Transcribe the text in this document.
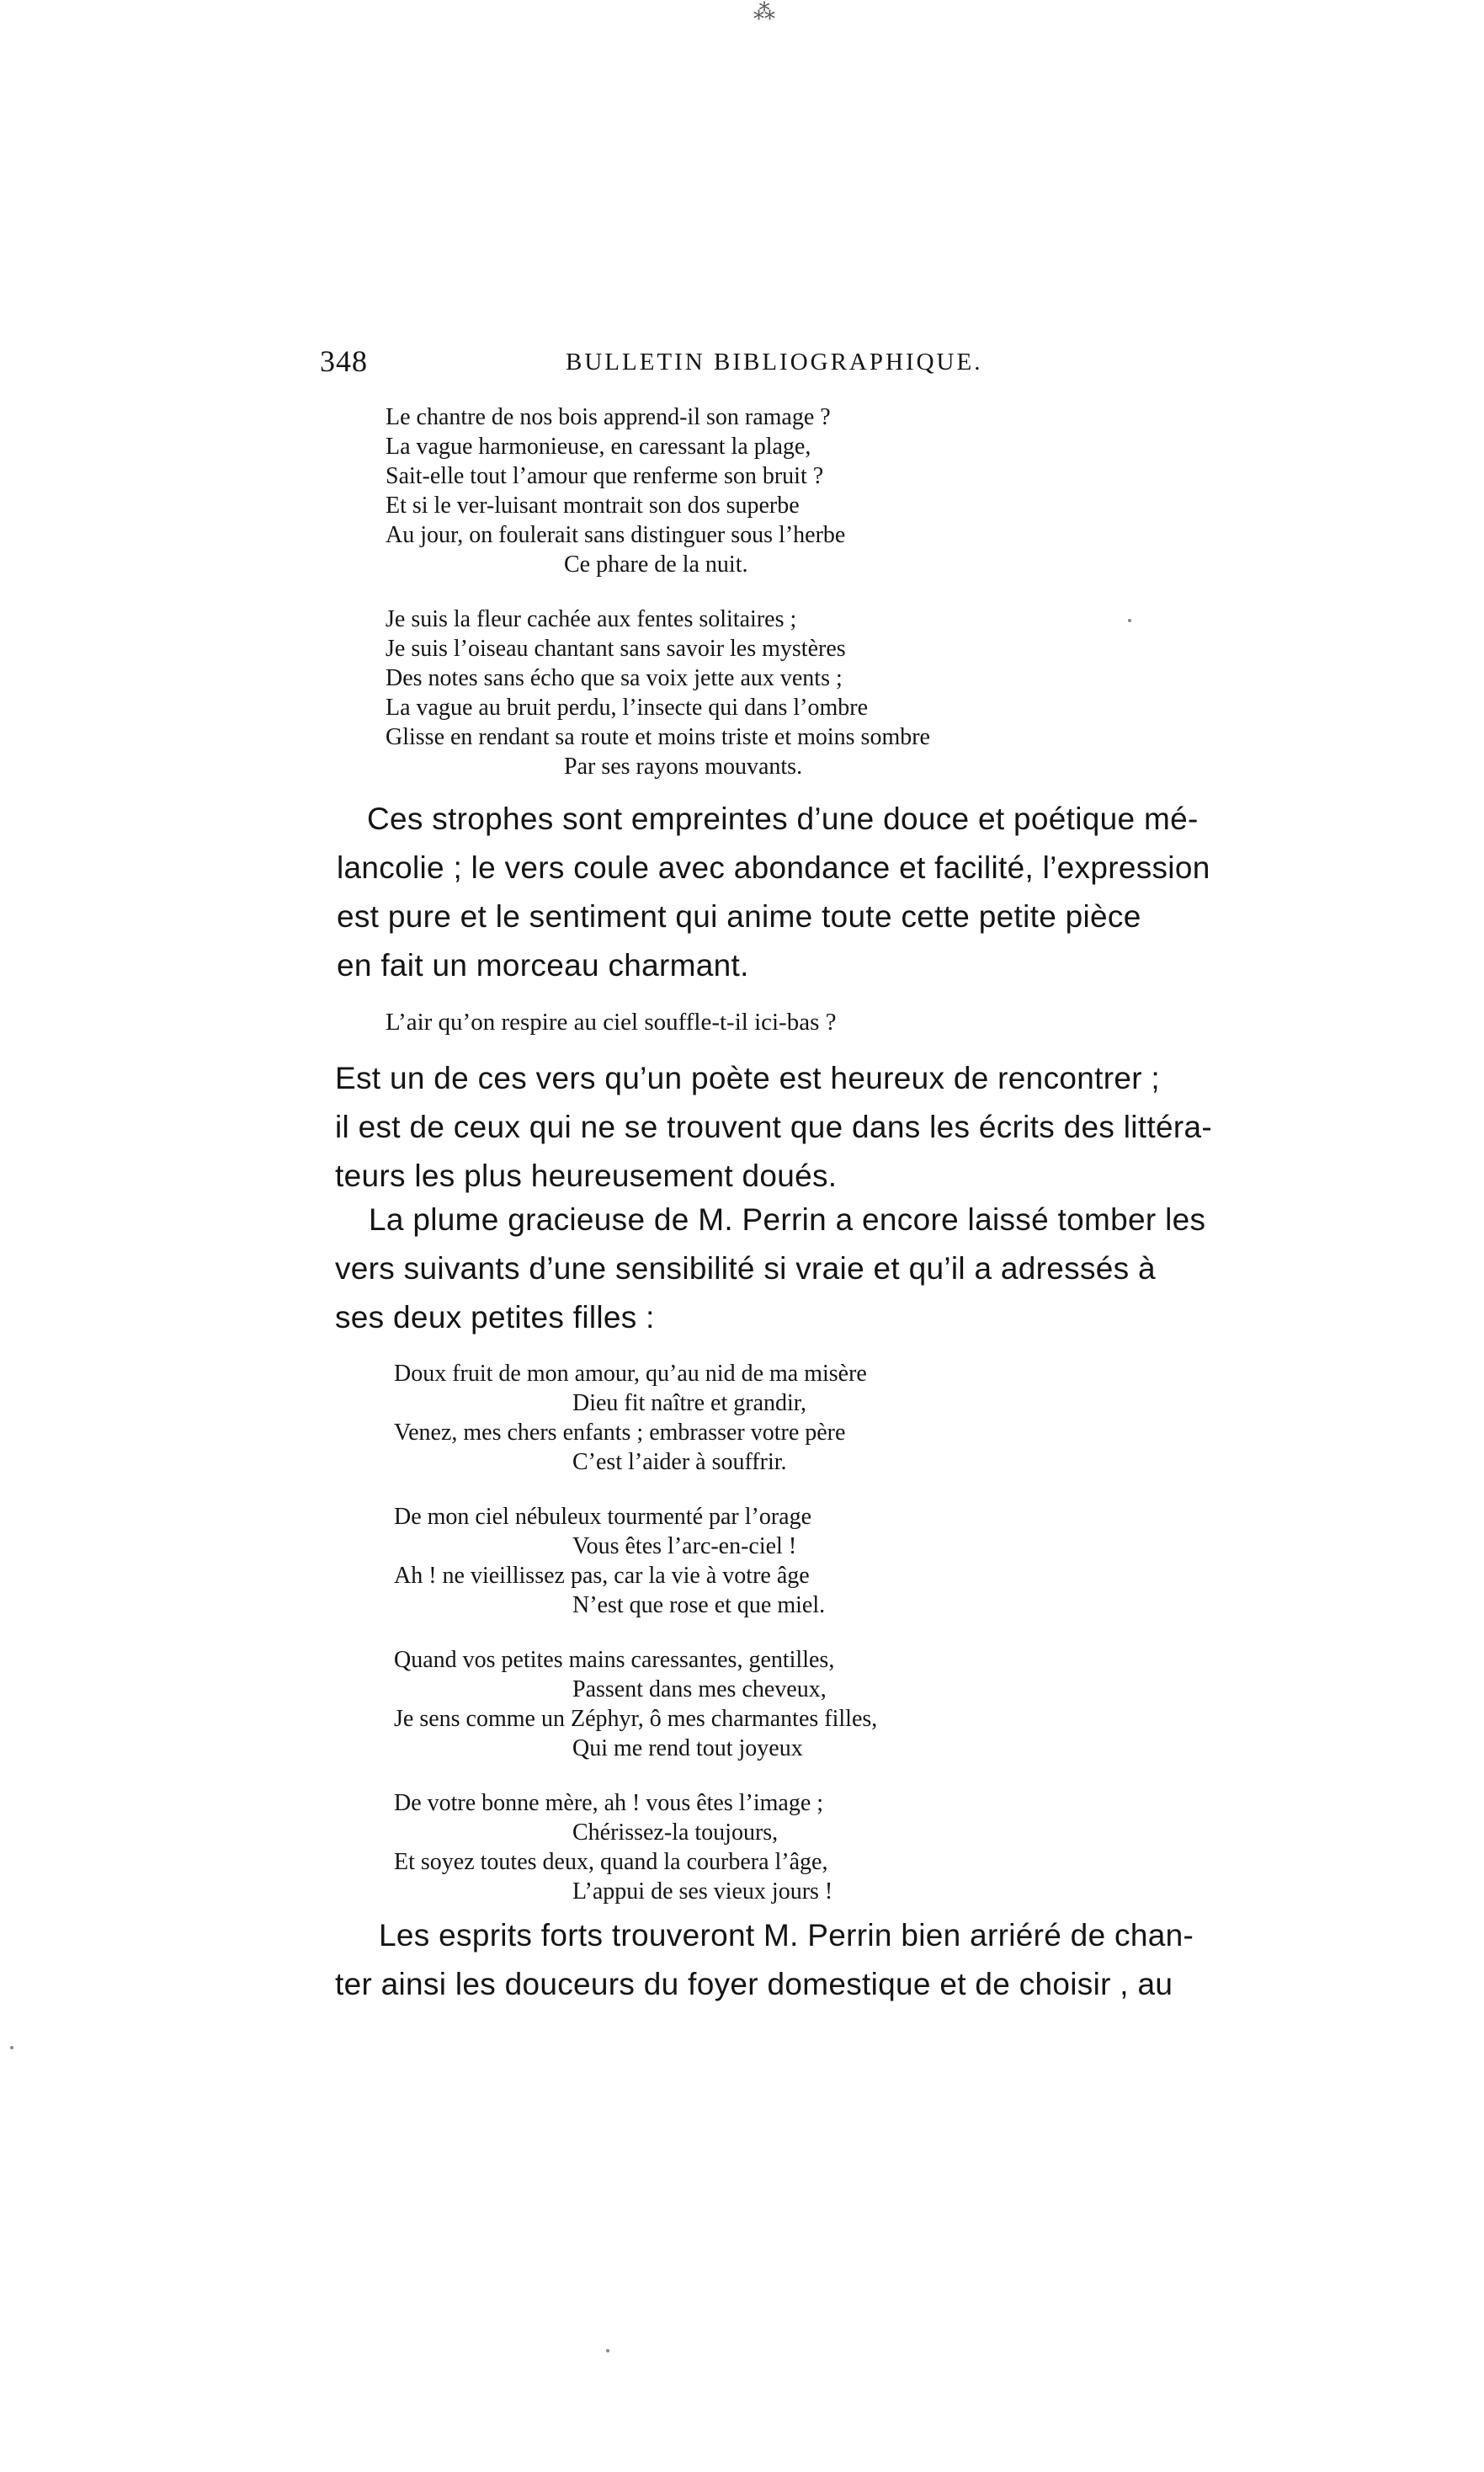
⁂
348	BULLETIN BIBLIOGRAPHIQUE.
Le chantre de nos bois apprend-il son ramage ?
La vague harmonieuse, en caressant la plage,
Sait-elle tout l’amour que renferme son bruit ?
Et si le ver-luisant montrait son dos superbe
Au jour, on foulerait sans distinguer sous l’herbe
Ce phare de la nuit.
Je suis la fleur cachée aux fentes solitaires ;
Je suis l’oiseau chantant sans savoir les mystères
Des notes sans écho que sa voix jette aux vents ;
La vague au bruit perdu, l’insecte qui dans l’ombre
Glisse en rendant sa route et moins triste et moins sombre
Par ses rayons mouvants.
Ces strophes sont empreintes d’une douce et poétique mé-
lancolie ; le vers coule avec abondance et facilité, l’expression
est pure et le sentiment qui anime toute cette petite pièce
en fait un morceau charmant.
L’air qu’on respire au ciel souffle-t-il ici-bas ?
Est un de ces vers qu’un poète est heureux de rencontrer ;
il est de ceux qui ne se trouvent que dans les écrits des littéra-
teurs les plus heureusement doués.
La plume gracieuse de M. Perrin a encore laissé tomber les
vers suivants d’une sensibilité si vraie et qu’il a adressés à
ses deux petites filles :
Doux fruit de mon amour, qu’au nid de ma misère
Dieu fit naître et grandir,
Venez, mes chers enfants ; embrasser votre père
C’est l’aider à souffrir.
De mon ciel nébuleux tourmenté par l’orage
Vous êtes l’arc-en-ciel !
Ah ! ne vieillissez pas, car la vie à votre âge
N’est que rose et que miel.
Quand vos petites mains caressantes, gentilles,
Passent dans mes cheveux,
Je sens comme un Zéphyr, ô mes charmantes filles,
Qui me rend tout joyeux
De votre bonne mère, ah ! vous êtes l’image ;
Chérissez-la toujours,
Et soyez toutes deux, quand la courbera l’âge,
L’appui de ses vieux jours !
Les esprits forts trouveront M. Perrin bien arriéré de chan-
ter ainsi les douceurs du foyer domestique et de choisir , au
